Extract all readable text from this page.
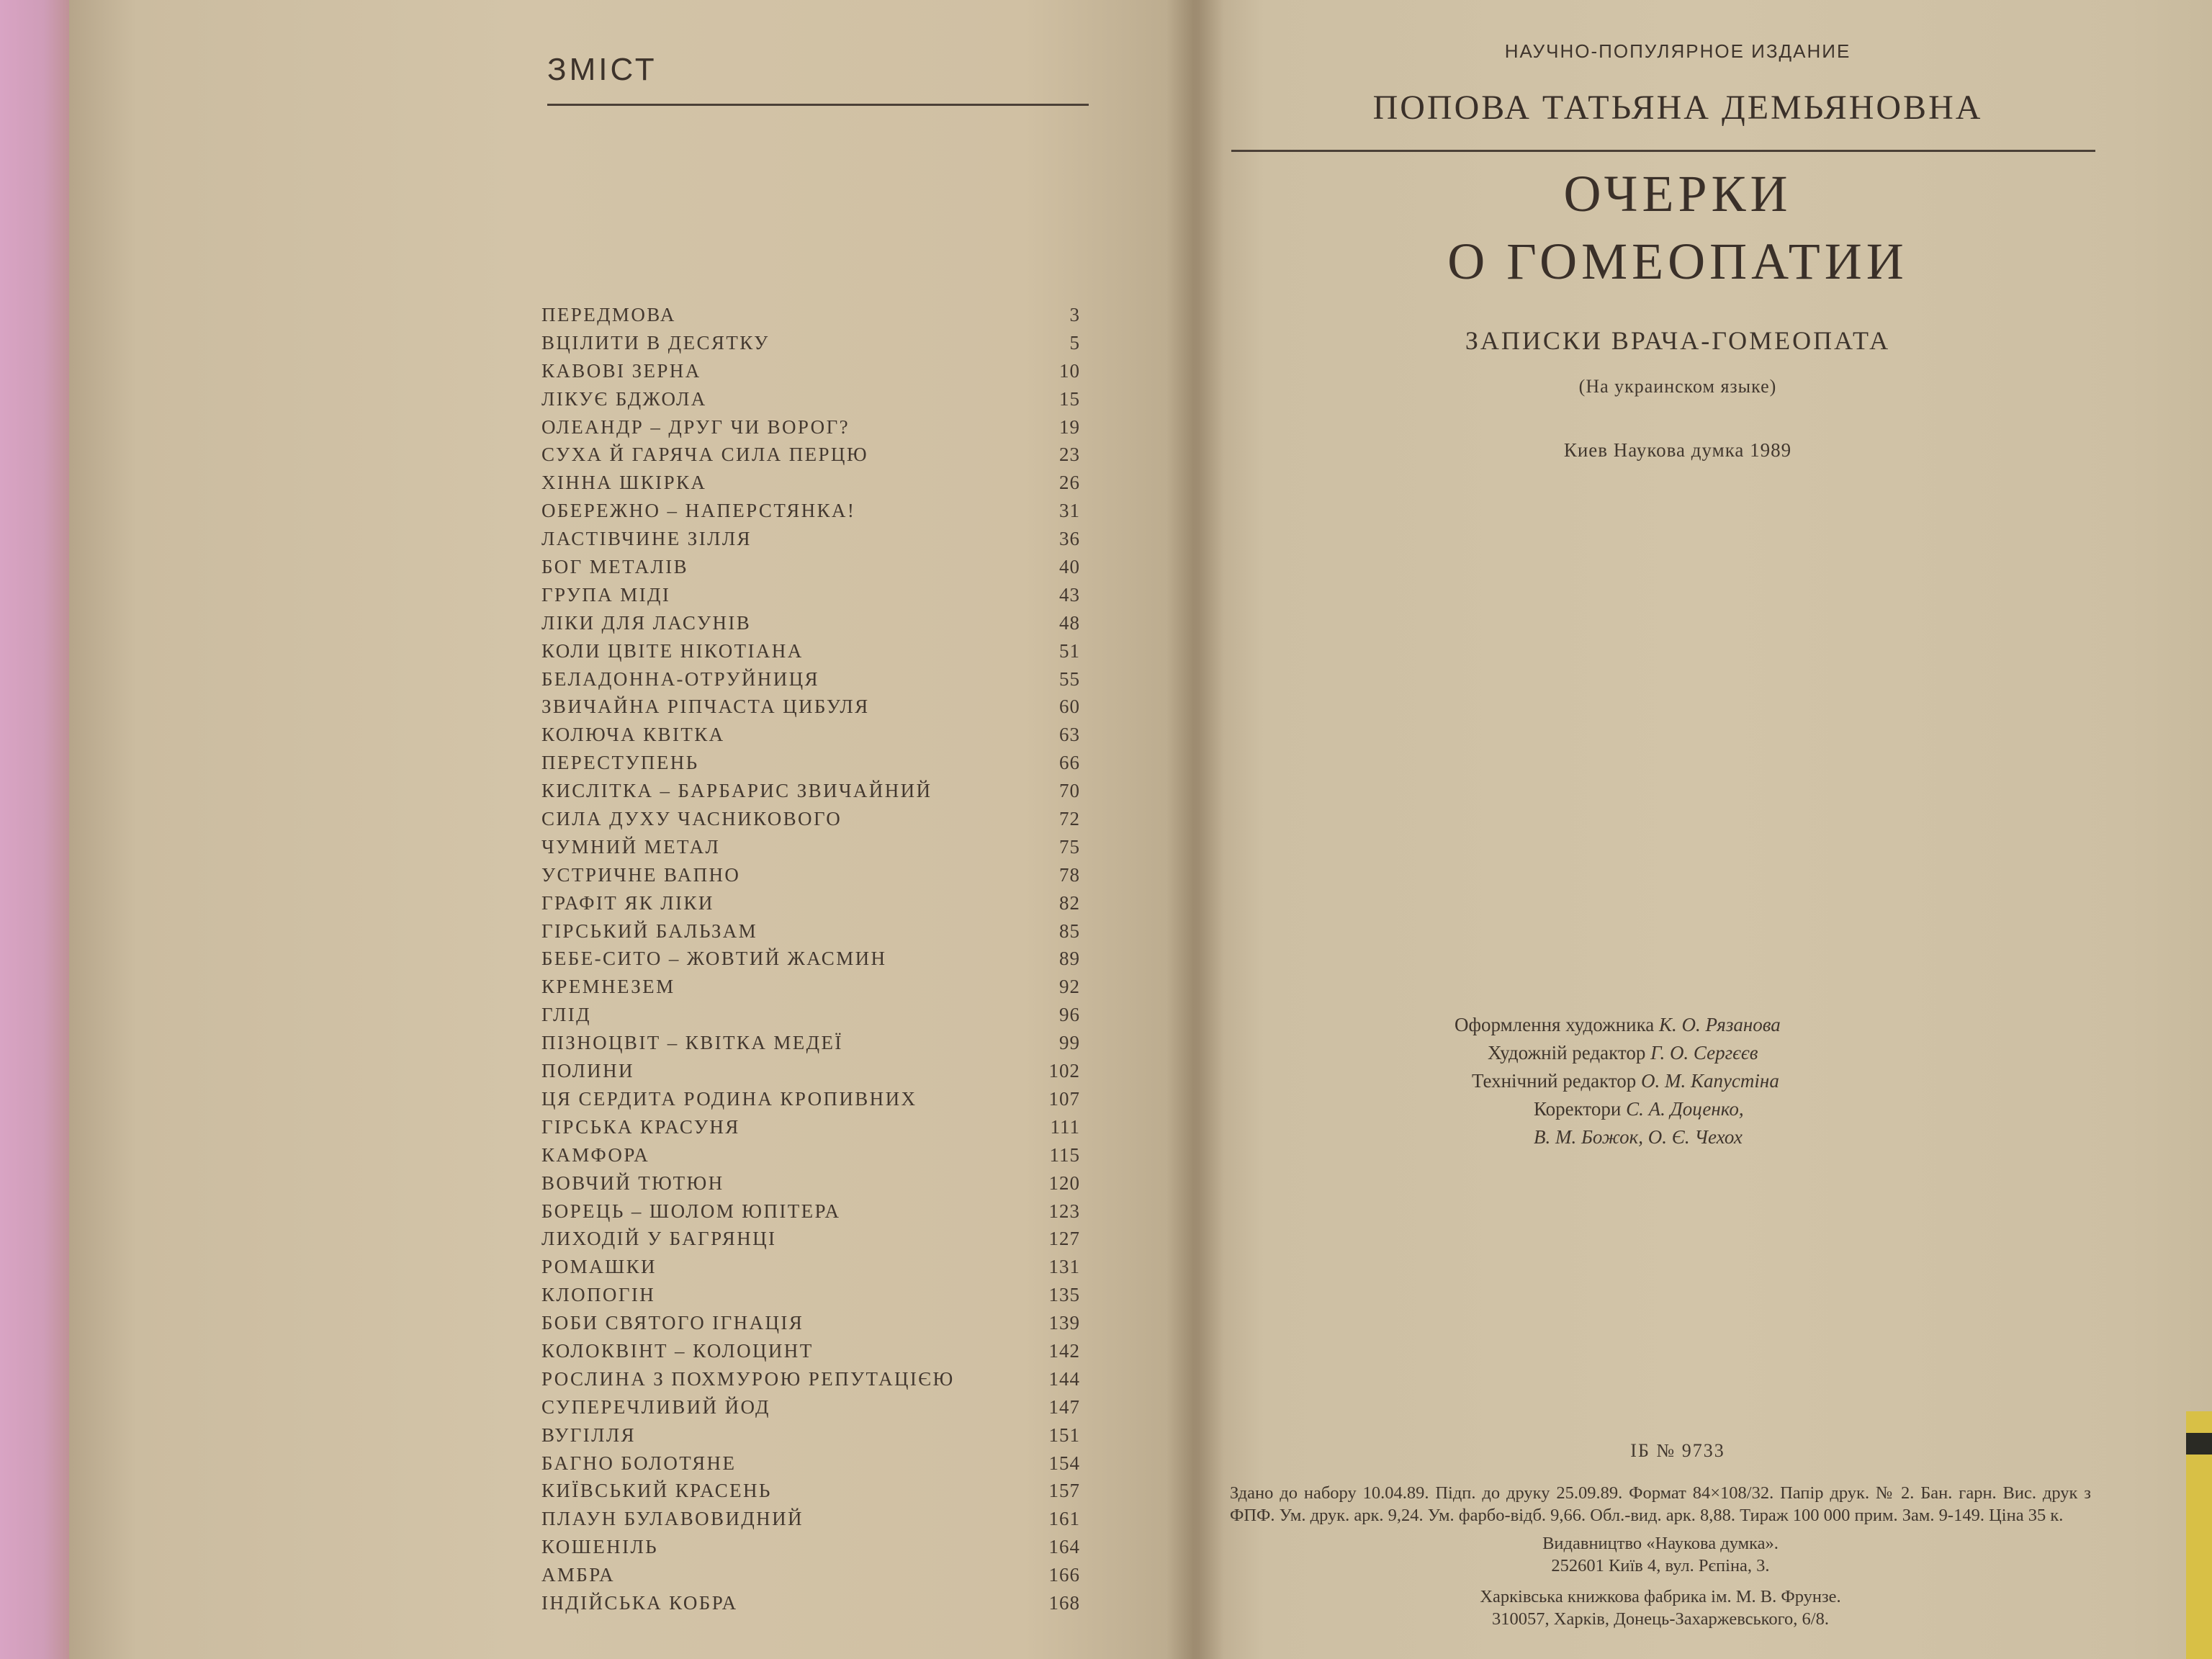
ЗМІСТ
ПЕРЕДМОВА	3
ВЦІЛИТИ В ДЕСЯТКУ	5
КАВОВІ ЗЕРНА	10
ЛІКУЄ БДЖОЛА	15
ОЛЕАНДР – ДРУГ ЧИ ВОРОГ?	19
СУХА Й ГАРЯЧА СИЛА ПЕРЦЮ	23
ХІННА ШКІРКА	26
ОБЕРЕЖНО – НАПЕРСТЯНКА!	31
ЛАСТІВЧИНЕ ЗІЛЛЯ	36
БОГ МЕТАЛІВ	40
ГРУПА МІДІ	43
ЛІКИ ДЛЯ ЛАСУНІВ	48
КОЛИ ЦВІТЕ НІКОТІАНА	51
БЕЛАДОННА-ОТРУЙНИЦЯ	55
ЗВИЧАЙНА РІПЧАСТА ЦИБУЛЯ	60
КОЛЮЧА КВІТКА	63
ПЕРЕСТУПЕНЬ	66
КИСЛІТКА – БАРБАРИС ЗВИЧАЙНИЙ	70
СИЛА ДУХУ ЧАСНИКОВОГО	72
ЧУМНИЙ МЕТАЛ	75
УСТРИЧНЕ ВАПНО	78
ГРАФІТ ЯК ЛІКИ	82
ГІРСЬКИЙ БАЛЬЗАМ	85
БЕБЕ-СИТО – ЖОВТИЙ ЖАСМИН	89
КРЕМНЕЗЕМ	92
ГЛІД	96
ПІЗНОЦВІТ – КВІТКА МЕДЕЇ	99
ПОЛИНИ	102
ЦЯ СЕРДИТА РОДИНА КРОПИВНИХ	107
ГІРСЬКА КРАСУНЯ	111
КАМФОРА	115
ВОВЧИЙ ТЮТЮН	120
БОРЕЦЬ – ШОЛОМ ЮПІТЕРА	123
ЛИХОДІЙ У БАГРЯНЦІ	127
РОМАШКИ	131
КЛОПОГІН	135
БОБИ СВЯТОГО ІГНАЦІЯ	139
КОЛОКВІНТ – КОЛОЦИНТ	142
РОСЛИНА З ПОХМУРОЮ РЕПУТАЦІЄЮ	144
СУПЕРЕЧЛИВИЙ ЙОД	147
ВУГІЛЛЯ	151
БАГНО БОЛОТЯНЕ	154
КИЇВСЬКИЙ КРАСЕНЬ	157
ПЛАУН БУЛАВОВИДНИЙ	161
КОШЕНІЛЬ	164
АМБРА	166
ІНДІЙСЬКА КОБРА	168
НАУЧНО-ПОПУЛЯРНОЕ ИЗДАНИЕ
ПОПОВА ТАТЬЯНА ДЕМЬЯНОВНА
ОЧЕРКИ
О ГОМЕОПАТИИ
ЗАПИСКИ ВРАЧА-ГОМЕОПАТА
(На украинском языке)
Киев Наукова думка 1989
Оформлення художника К. О. Рязанова
Художній редактор Г. О. Сергєєв
Технічний редактор О. М. Капустіна
Коректори С. А. Доценко,
В. М. Божок, О. Є. Чехох
ІБ № 9733
Здано до набору 10.04.89. Підп. до друку 25.09.89. Формат 84×108/32. Папір друк. № 2. Бан. гарн. Вис. друк з ФПФ. Ум. друк. арк. 9,24. Ум. фарбо-відб. 9,66. Обл.-вид. арк. 8,88. Тираж 100 000 прим. Зам. 9-149. Ціна 35 к.
Видавництво «Наукова думка».
252601 Київ 4, вул. Рєпіна, 3.
Харківська книжкова фабрика ім. М. В. Фрунзе.
310057, Харків, Донець-Захаржевського, 6/8.
